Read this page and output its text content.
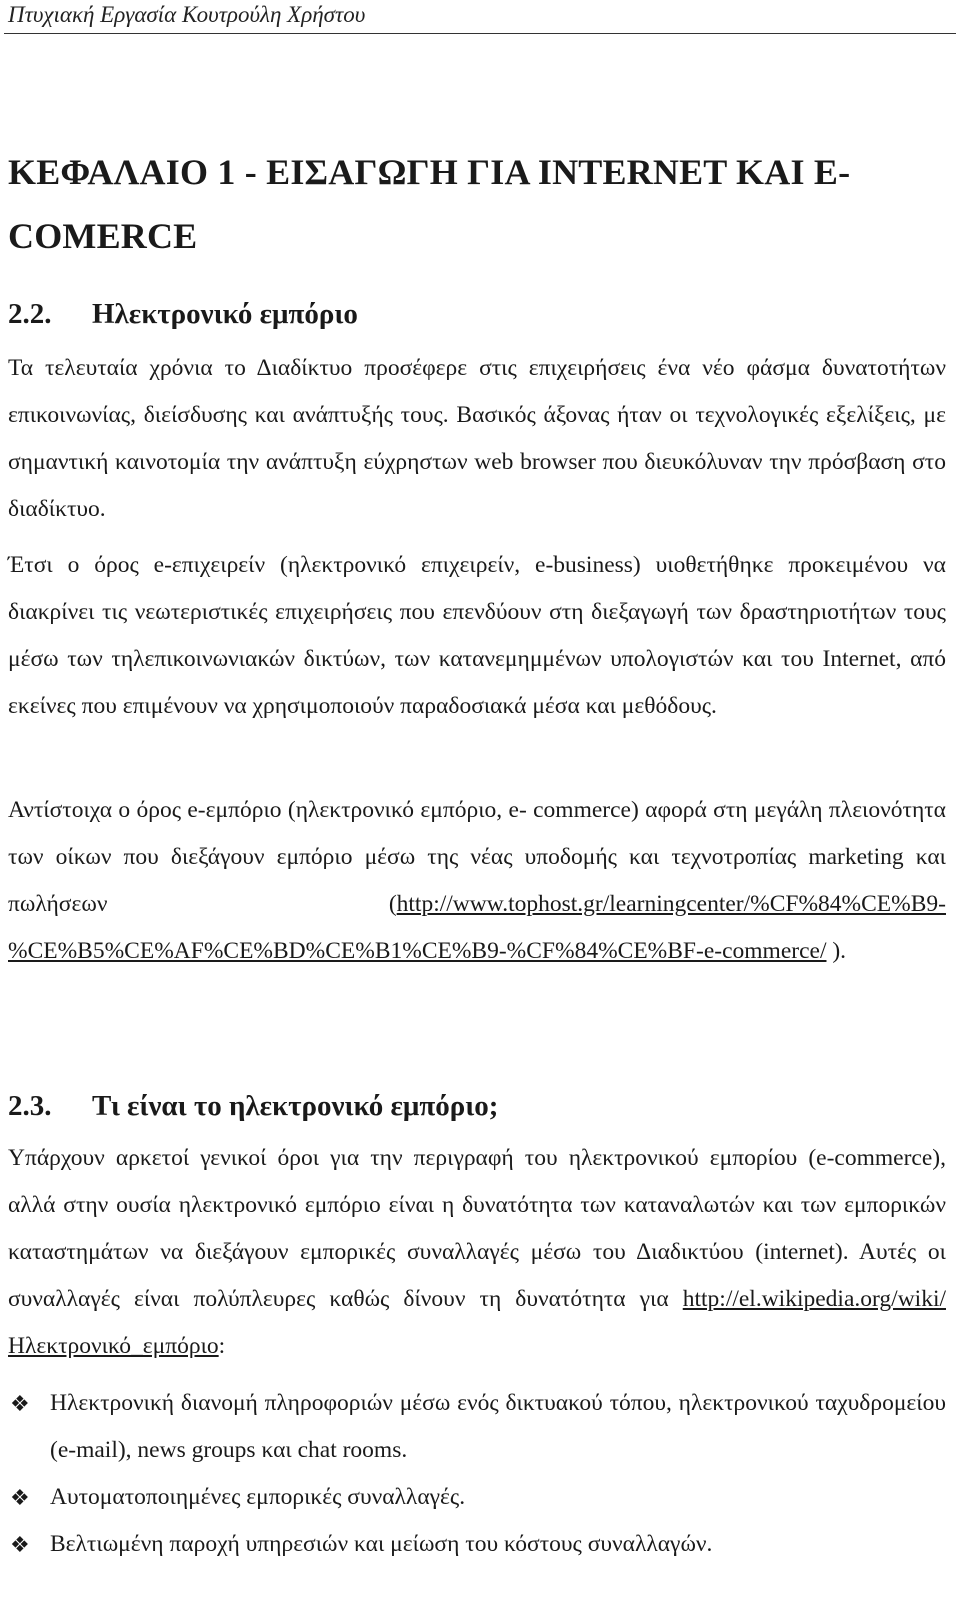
Πτυχιακή Εργασία Κουτρούλη Χρήστου
ΚΕΦΑΛΑΙΟ 1 - ΕΙΣΑΓΩΓΗ ΓΙΑ INTERNET ΚΑΙ E-COMERCE
2.2. Ηλεκτρονικό εμπόριο

Τα τελευταία χρόνια το Διαδίκτυο προσέφερε στις επιχειρήσεις ένα νέο φάσμα δυνατοτήτων επικοινωνίας, διείσδυσης και ανάπτυξής τους. Βασικός άξονας ήταν οι τεχνολογικές εξελίξεις, με σημαντική καινοτομία την ανάπτυξη εύχρηστων web browser που διευκόλυναν την πρόσβαση στο διαδίκτυο.

Έτσι ο όρος e-επιχειρείν (ηλεκτρονικό επιχειρείν, e-business) υιοθετήθηκε προκειμένου να διακρίνει τις νεωτεριστικές επιχειρήσεις που επενδύουν στη διεξαγωγή των δραστηριοτήτων τους μέσω των τηλεπικοινωνιακών δικτύων, των κατανεμημμένων υπολογιστών και του Internet, από εκείνες που επιμένουν να χρησιμοποιούν παραδοσιακά μέσα και μεθόδους.

Αντίστοιχα ο όρος e-εμπόριο (ηλεκτρονικό εμπόριο, e- commerce) αφορά στη μεγάλη πλειονότητα των οίκων που διεξάγουν εμπόριο μέσω της νέας υποδομής και τεχνοτροπίας marketing και πωλήσεων (http://www.tophost.gr/learningcenter/%CF%84%CE%B9-%CE%B5%CE%AF%CE%BD%CE%B1%CE%B9-%CF%84%CE%BF-e-commerce/ ).

2.3. Τι είναι το ηλεκτρονικό εμπόριο;

Υπάρχουν αρκετοί γενικοί όροι για την περιγραφή του ηλεκτρονικού εμπορίου (e-commerce), αλλά στην ουσία ηλεκτρονικό εμπόριο είναι η δυνατότητα των καταναλωτών και των εμπορικών καταστημάτων να διεξάγουν εμπορικές συναλλαγές μέσω του Διαδικτύου (internet). Αυτές οι συναλλαγές είναι πολύπλευρες καθώς δίνουν τη δυνατότητα για http://el.wikipedia.org/wiki/Ηλεκτρονικό_εμπόριο:

❖ Ηλεκτρονική διανομή πληροφοριών μέσω ενός δικτυακού τόπου, ηλεκτρονικού ταχυδρομείου (e-mail), news groups και chat rooms.
❖ Αυτοματοποιημένες εμπορικές συναλλαγές.
❖ Βελτιωμένη παροχή υπηρεσιών και μείωση του κόστους συναλλαγών.
